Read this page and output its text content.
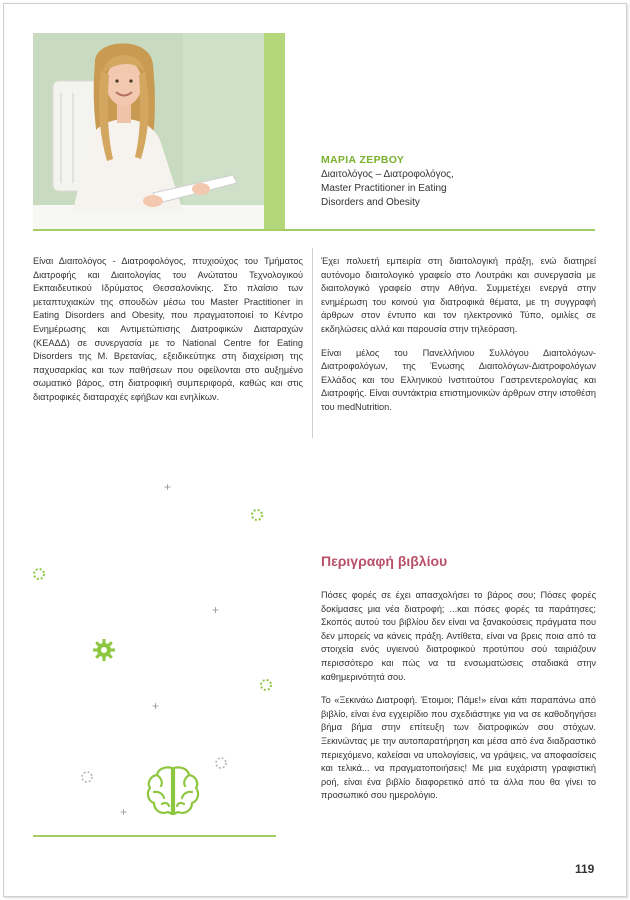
ΜΑΡΙΑ ΖΕΡΒΟΥ
Διαιτολόγος – Διατροφολόγος,
Master Practitioner in Eating
Disorders and Obesity

Είναι Διαιτολόγος - Διατροφολόγος, πτυχιούχος του Τμήματος Διατροφής και Διαιτολογίας του Ανώτατου Τεχνολογικού Εκπαιδευτικού Ιδρύματος Θεσσαλονίκης. Στο πλαίσιο των μεταπτυχιακών της σπουδών μέσω του Master Practitioner in Eating Disorders and Obesity, που πραγματοποιεί το Κέντρο Ενημέρωσης και Αντιμετώπισης Διατροφικών Διαταραχών (ΚΕΑΔΔ) σε συνεργασία με το National Centre for Eating Disorders της Μ. Βρετανίας, εξειδικεύτηκε στη διαχείριση της παχυσαρκίας και των παθήσεων που οφείλονται στο αυξημένο σωματικό βάρος, στη διατροφική συμπεριφορά, καθώς και στις διατροφικές διαταραχές εφήβων και ενηλίκων.

Έχει πολυετή εμπειρία στη διαιτολογική πράξη, ενώ διατηρεί αυτόνομο διαιτολογικό γραφείο στο Λουτράκι και συνεργασία με διαιτολογικό γραφείο στην Αθήνα. Συμμετέχει ενεργά στην ενημέρωση του κοινού για διατροφικά θέματα, με τη συγγραφή άρθρων στον έντυπο και τον ηλεκτρονικό Τύπο, ομιλίες σε εκδηλώσεις αλλά και παρουσία στην τηλεόραση.

Είναι μέλος του Πανελλήνιου Συλλόγου Διαιτολόγων-Διατροφολόγων, της Ένωσης Διαιτολόγων-Διατροφολόγων Ελλάδος και του Ελληνικού Ινστιτούτου Γαστρεντερολογίας και Διατροφής. Είναι συντάκτρια επιστημονικών άρθρων στην ιστοθέση του medNutrition.

+
+
+
+
Περιγραφή βιβλίου

Πόσες φορές σε έχει απασχολήσει το βάρος σου; Πόσες φορές δοκίμασες μια νέα διατροφή; ...και πόσες φορές τα παράτησες; Σκοπός αυτού του βιβλίου δεν είναι να ξανακούσεις πράγματα που δεν μπορείς να κάνεις πράξη. Αντίθετα, είναι να βρεις ποια από τα στοιχεία ενός υγιεινού διατροφικού προτύπου σού ταιριάζουν περισσότερο και πώς να τα ενσωματώσεις σταδιακά στην καθημερινότητά σου.

Το «Ξεκινάω Διατροφή. Έτοιμοι; Πάμε!» είναι κάτι παραπάνω από βιβλίο, είναι ένα εγχειρίδιο που σχεδιάστηκε για να σε καθοδηγήσει βήμα βήμα στην επίτευξη των διατροφικών σου στόχων. Ξεκινώντας με την αυτοπαρατήρηση και μέσα από ένα διαδραστικό περιεχόμενο, καλείσαι να υπολογίσεις, να γράψεις, να αποφασίσεις και τελικά... να πραγματοποιήσεις! Με μια ευχάριστη γραφιστική ροή, είναι ένα βιβλίο διαφορετικό από τα άλλα που θα γίνει το προσωπικό σου ημερολόγιο.

119
